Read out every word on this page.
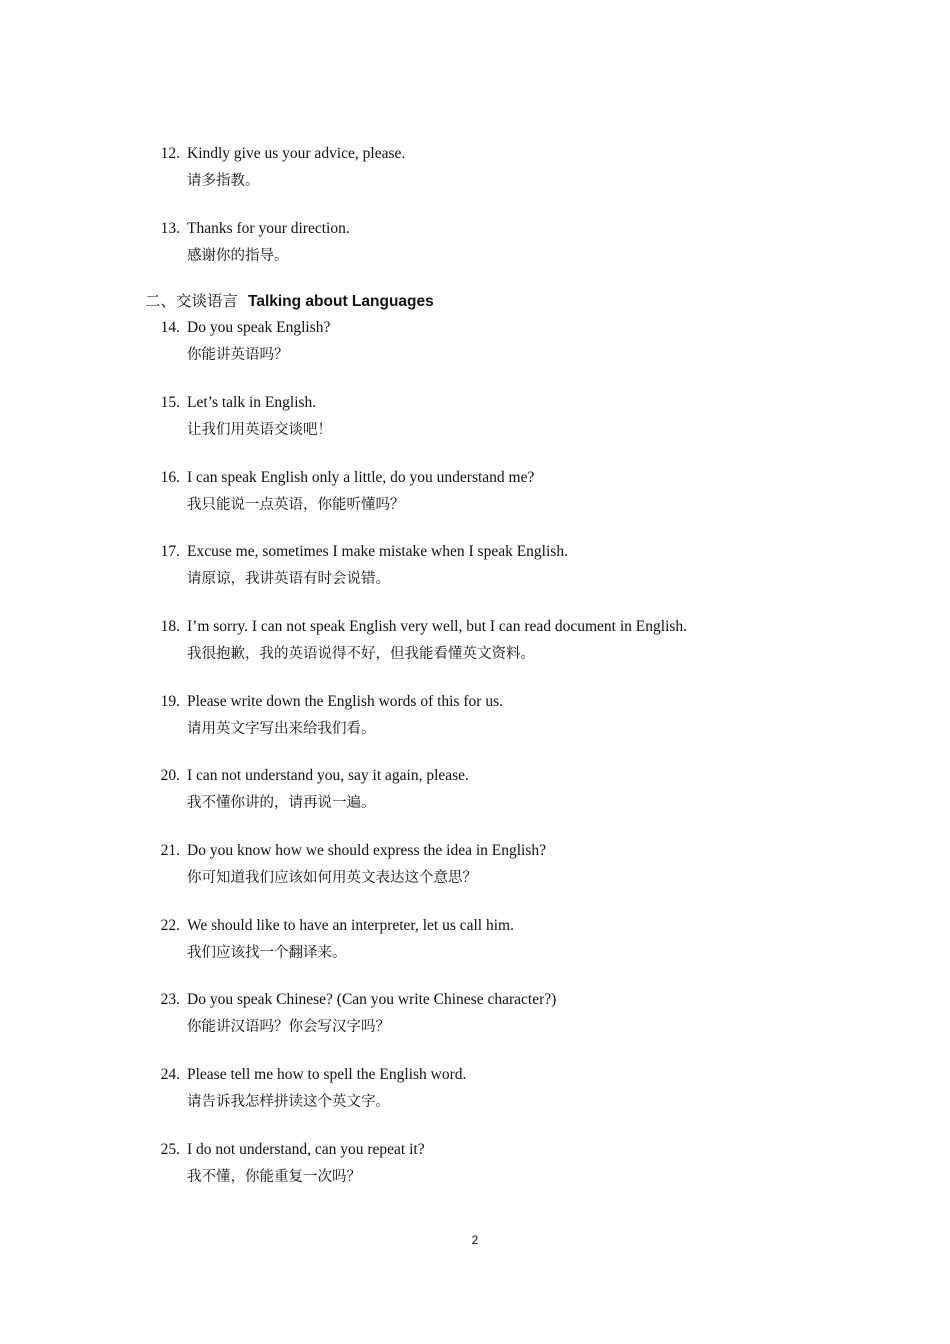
12. Kindly give us your advice, please.
请多指教。
13. Thanks for your direction.
感谢你的指导。
二、交谈语言 Talking about Languages
14. Do you speak English?
你能讲英语吗？
15. Let’s talk in English.
让我们用英语交谈吧！
16. I can speak English only a little, do you understand me?
我只能说一点英语，你能听懂吗？
17. Excuse me, sometimes I make mistake when I speak English.
请原谅，我讲英语有时会说错。
18. I’m sorry. I can not speak English very well, but I can read document in English.
我很抱歉，我的英语说得不好，但我能看懂英文资料。
19. Please write down the English words of this for us.
请用英文字写出来给我们看。
20. I can not understand you, say it again, please.
我不懂你讲的，请再说一遍。
21. Do you know how we should express the idea in English?
你可知道我们应该如何用英文表达这个意思？
22. We should like to have an interpreter, let us call him.
我们应该找一个翻译来。
23. Do you speak Chinese? (Can you write Chinese character?)
你能讲汉语吗？你会写汉字吗？
24. Please tell me how to spell the English word.
请告诉我怎样拼读这个英文字。
25. I do not understand, can you repeat it?
我不懂，你能重复一次吗？
2
